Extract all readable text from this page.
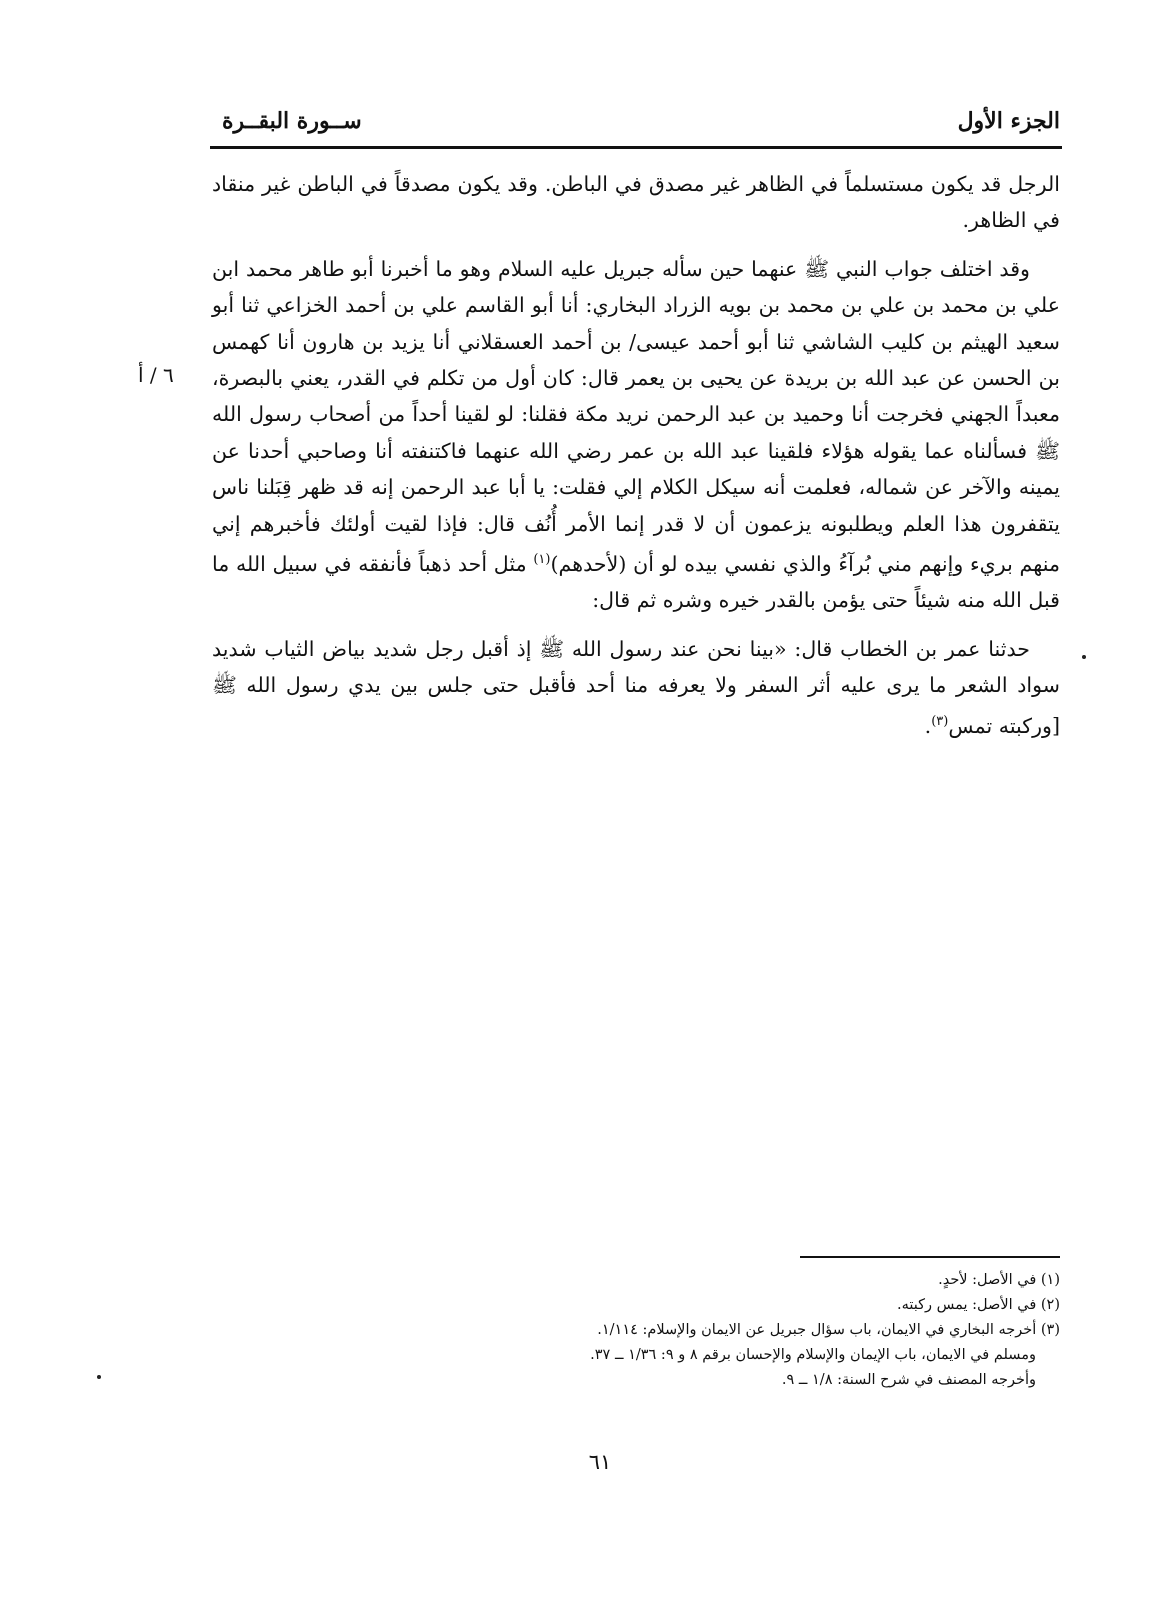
الجزء الأول
ســورة البقــرة
٦ / أ

الرجل قد يكون مستسلماً في الظاهر غير مصدق في الباطن. وقد يكون مصدقاً في الباطن غير منقاد في الظاهر.

وقد اختلف جواب النبي ﷺ عنهما حين سأله جبريل عليه السلام وهو ما أخبرنا أبو طاهر محمد ابن علي بن محمد بن علي بن محمد بن بويه الزراد البخاري: أنا أبو القاسم علي بن أحمد الخزاعي ثنا أبو سعيد الهيثم بن كليب الشاشي ثنا أبو أحمد عيسى/ بن أحمد العسقلاني أنا يزيد بن هارون أنا كهمس بن الحسن عن عبد الله بن بريدة عن يحيى بن يعمر قال: كان أول من تكلم في القدر، يعني بالبصرة، معبداً الجهني فخرجت أنا وحميد بن عبد الرحمن نريد مكة فقلنا: لو لقينا أحداً من أصحاب رسول الله ﷺ فسألناه عما يقوله هؤلاء فلقينا عبد الله بن عمر رضي الله عنهما فاكتنفته أنا وصاحبي أحدنا عن يمينه والآخر عن شماله، فعلمت أنه سيكل الكلام إلي فقلت: يا أبا عبد الرحمن إنه قد ظهر قِبَلنا ناس يتقفرون هذا العلم ويطلبونه يزعمون أن لا قدر إنما الأمر أُنُف قال: فإذا لقيت أولئك فأخبرهم إني منهم بريء وإنهم مني بُرآءُ والذي نفسي بيده لو أن (لأحدهم)$^{(١)}$ مثل أحد ذهباً فأنفقه في سبيل الله ما قبل الله منه شيئاً حتى يؤمن بالقدر خيره وشره ثم قال:

حدثنا عمر بن الخطاب قال: «بينا نحن عند رسول الله ﷺ إذ أقبل رجل شديد بياض الثياب شديد سواد الشعر ما يرى عليه أثر السفر ولا يعرفه منا أحد فأقبل حتى جلس بين يدي رسول الله ﷺ [وركبته تمس$^{(٣)}$.

(١) في الأصل: لأحدٍ.

(٢) في الأصل: يمس ركبته.

(٣) أخرجه البخاري في الايمان، باب سؤال جبريل عن الايمان والإسلام: ١/١١٤.

ومسلم في الايمان، باب الإيمان والإسلام والإحسان برقم ٨ و ٩: ١/٣٦ ــ ٣٧.

وأخرجه المصنف في شرح السنة: ١/٨ ــ ٩.

٦١
